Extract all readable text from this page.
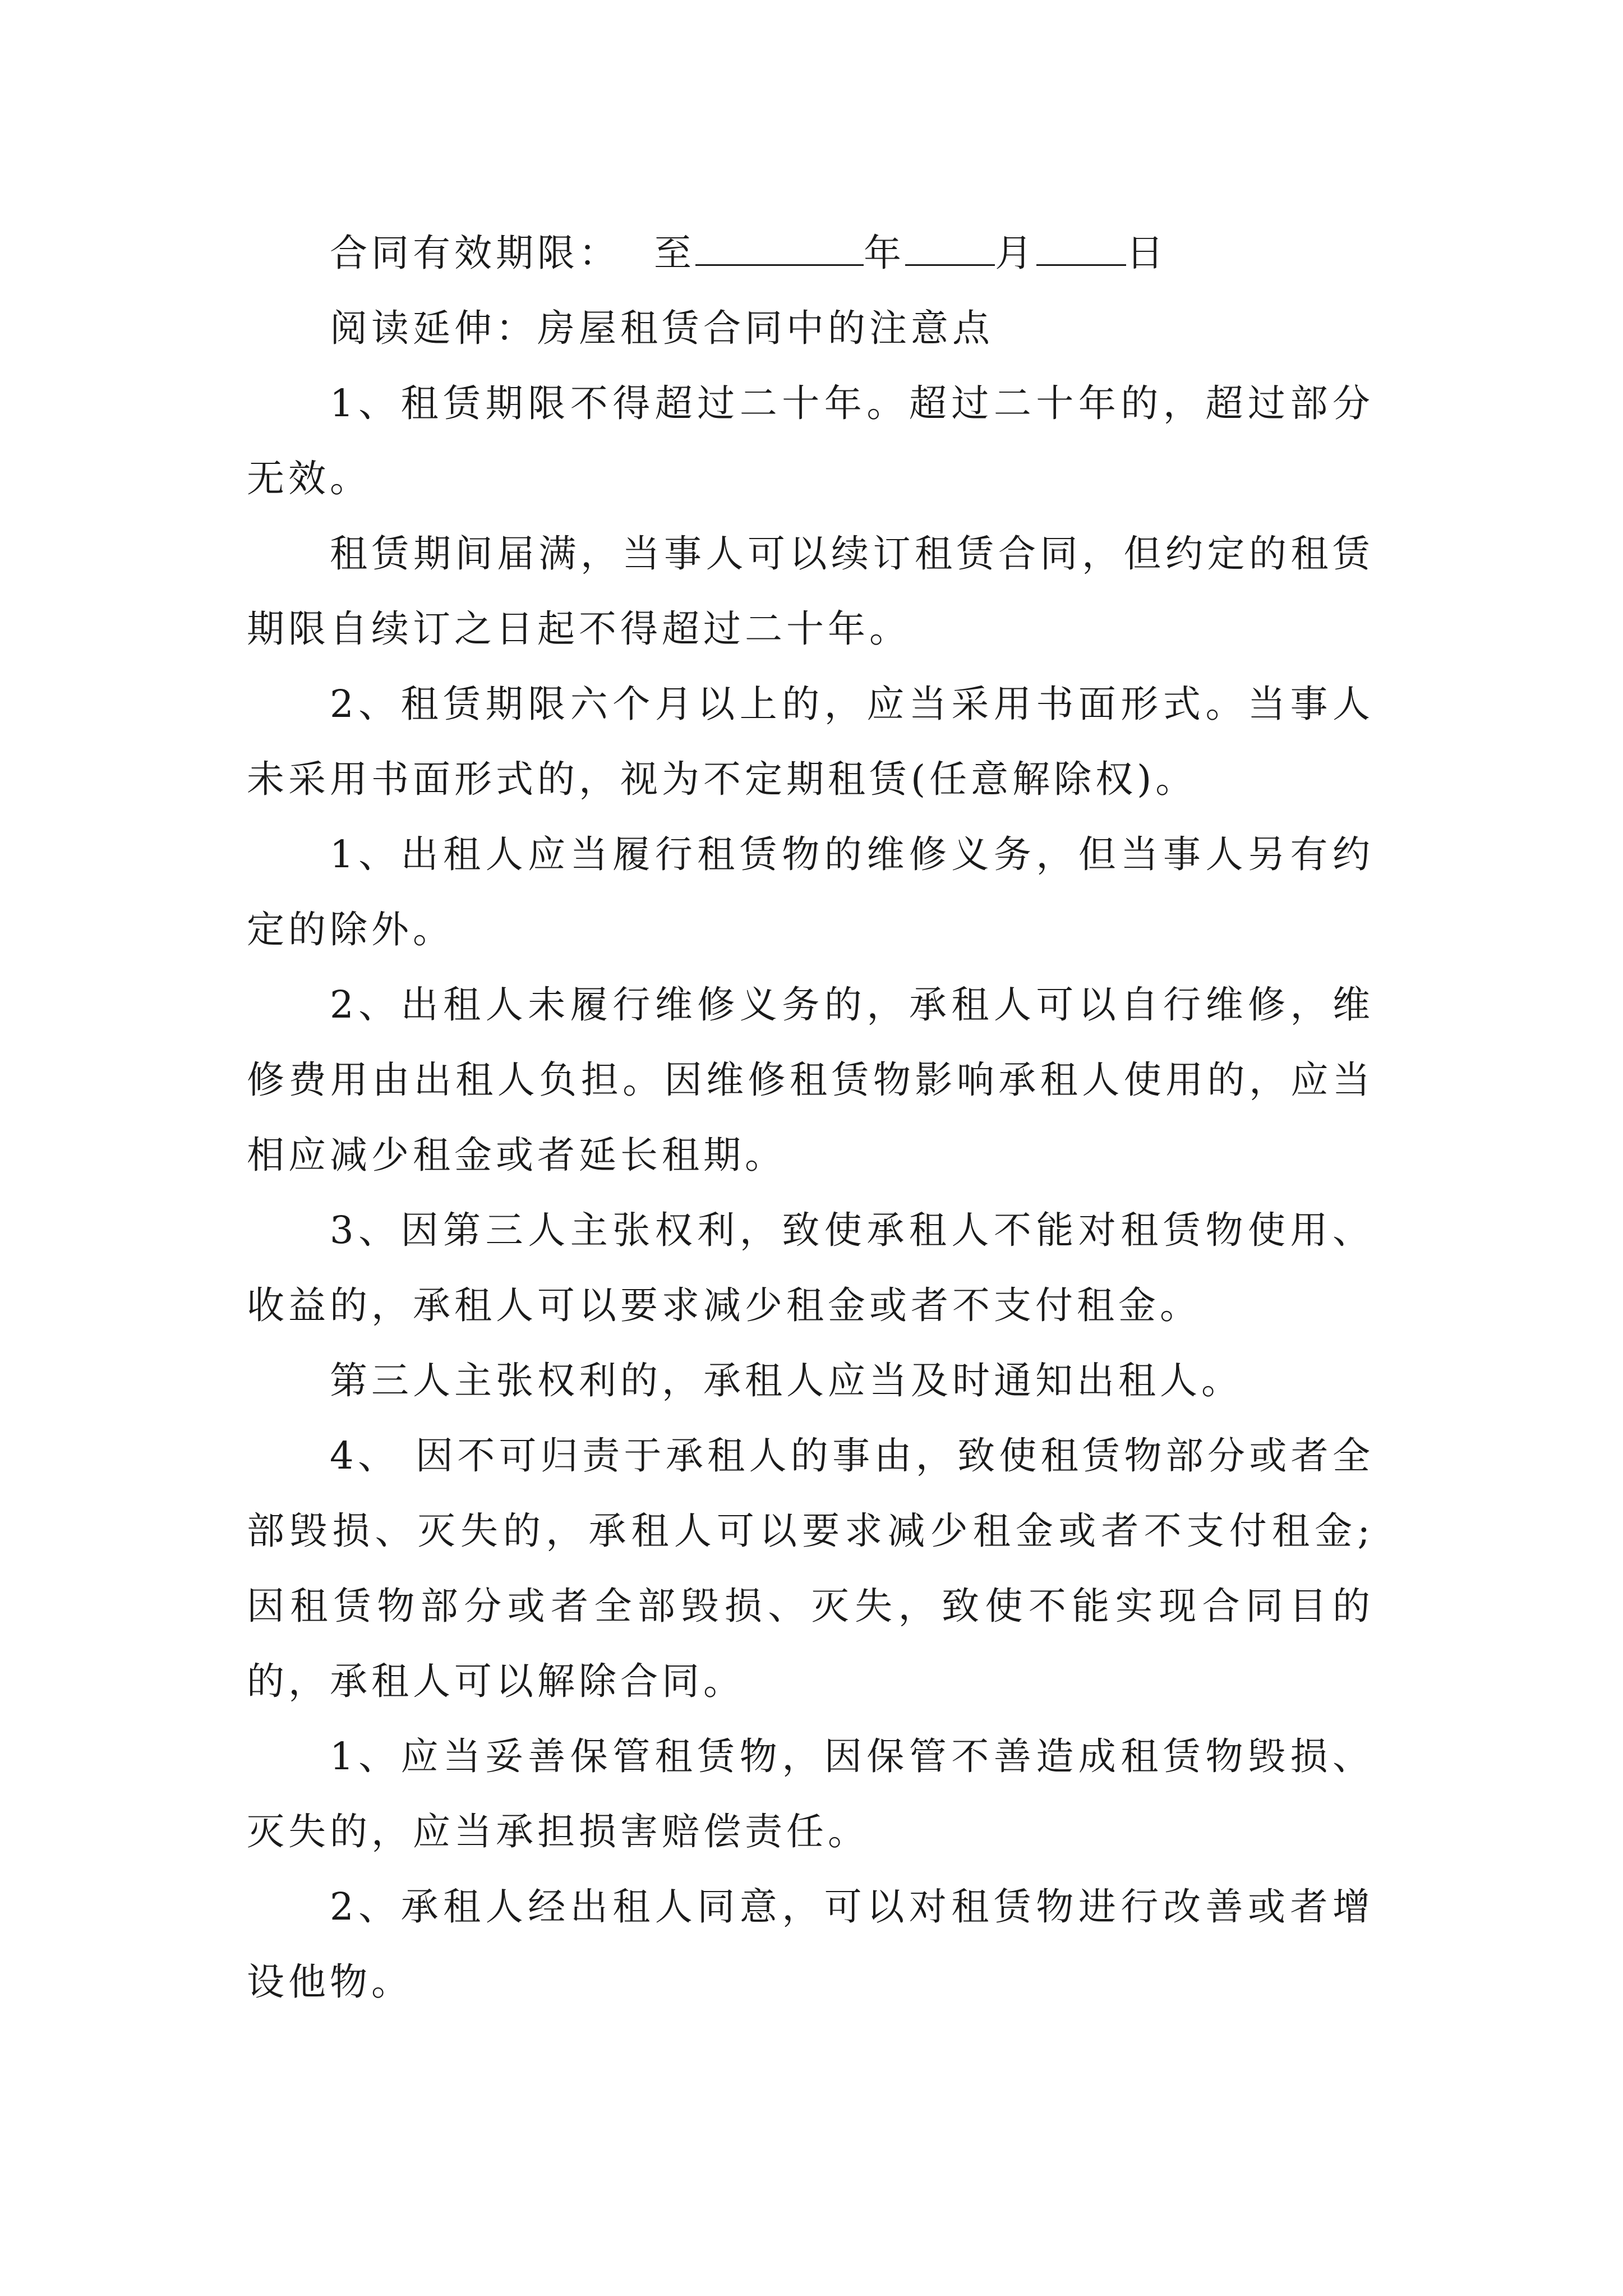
合同有效期限： 至	年 月 日

阅读延伸：房屋租赁合同中的注意点

1、租赁期限不得超过二十年。超过二十年的，超过部分无效。

租赁期间届满，当事人可以续订租赁合同，但约定的租赁期限自续订之日起不得超过二十年。

2、租赁期限六个月以上的，应当采用书面形式。当事人未采用书面形式的，视为不定期租赁(任意解除权)。

1、出租人应当履行租赁物的维修义务，但当事人另有约定的除外。

2、出租人未履行维修义务的，承租人可以自行维修，维修费用由出租人负担。因维修租赁物影响承租人使用的，应当相应减少租金或者延长租期。

3、因第三人主张权利，致使承租人不能对租赁物使用、收益的，承租人可以要求减少租金或者不支付租金。

第三人主张权利的，承租人应当及时通知出租人。

4、 因不可归责于承租人的事由，致使租赁物部分或者全部毁损、灭失的，承租人可以要求减少租金或者不支付租金;因租赁物部分或者全部毁损、灭失，致使不能实现合同目的的，承租人可以解除合同。

1、应当妥善保管租赁物，因保管不善造成租赁物毁损、灭失的，应当承担损害赔偿责任。

2、承租人经出租人同意，可以对租赁物进行改善或者增设他物。
